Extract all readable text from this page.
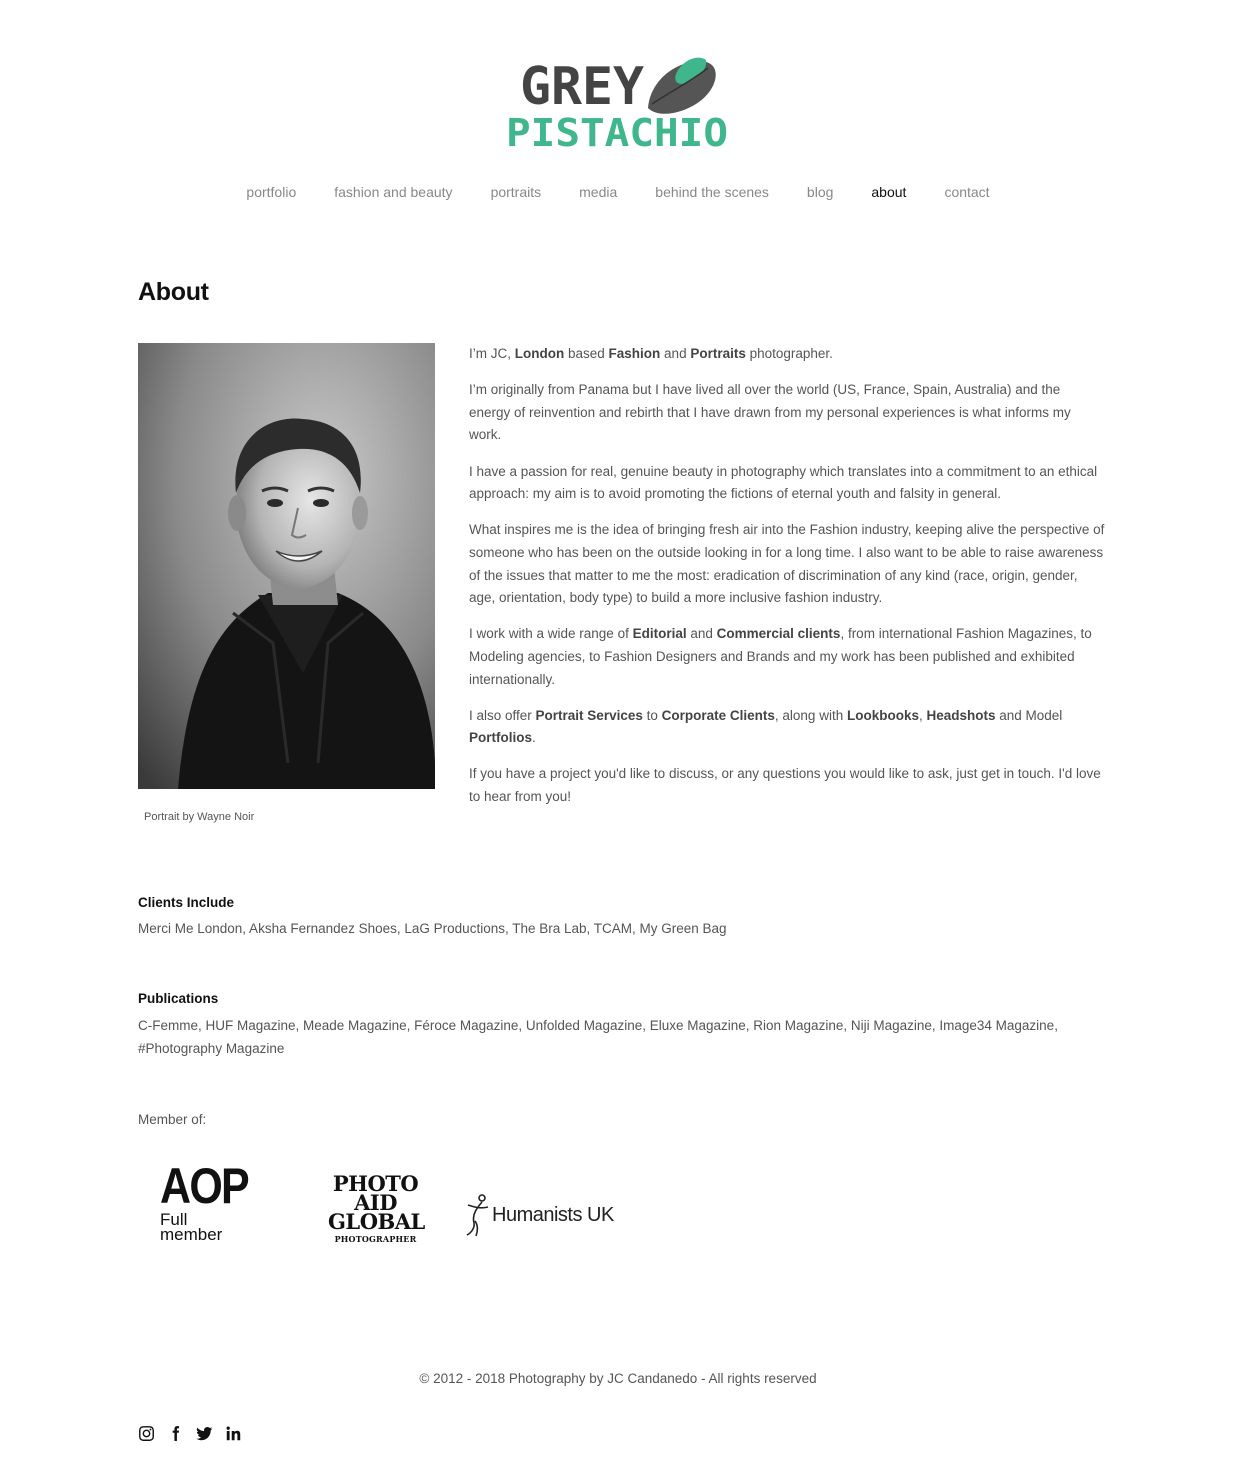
GREY
PISTACHIO
portfolio	fashion and beauty	portraits	media	behind the scenes	blog	about	contact
About
Portrait by Wayne Noir

I’m JC, London based Fashion and Portraits photographer.

I’m originally from Panama but I have lived all over the world (US, France, Spain, Australia) and the energy of reinvention and rebirth that I have drawn from my personal experiences is what informs my work.

I have a passion for real, genuine beauty in photography which translates into a commitment to an ethical approach: my aim is to avoid promoting the fictions of eternal youth and falsity in general.

What inspires me is the idea of bringing fresh air into the Fashion industry, keeping alive the perspective of someone who has been on the outside looking in for a long time. I also want to be able to raise awareness of the issues that matter to me the most: eradication of discrimination of any kind (race, origin, gender, age, orientation, body type) to build a more inclusive fashion industry.

I work with a wide range of Editorial and Commercial clients, from international Fashion Magazines, to Modeling agencies, to Fashion Designers and Brands and my work has been published and exhibited internationally.

I also offer Portrait Services to Corporate Clients, along with Lookbooks, Headshots and Model Portfolios.

If you have a project you'd like to discuss, or any questions you would like to ask, just get in touch. I'd love to hear from you!

Clients Include
Merci Me London, Aksha Fernandez Shoes, LaG Productions, The Bra Lab, TCAM, My Green Bag
Publications
C-Femme, HUF Magazine, Meade Magazine, Féroce Magazine, Unfolded Magazine, Eluxe Magazine, Rion Magazine, Niji Magazine, Image34 Magazine, #Photography Magazine
Member of:
AOP
Full
member
PHOTO
AID
GLOBAL
PHOTOGRAPHER
Humanists UK
© 2012 - 2018 Photography by JC Candanedo - All rights reserved
